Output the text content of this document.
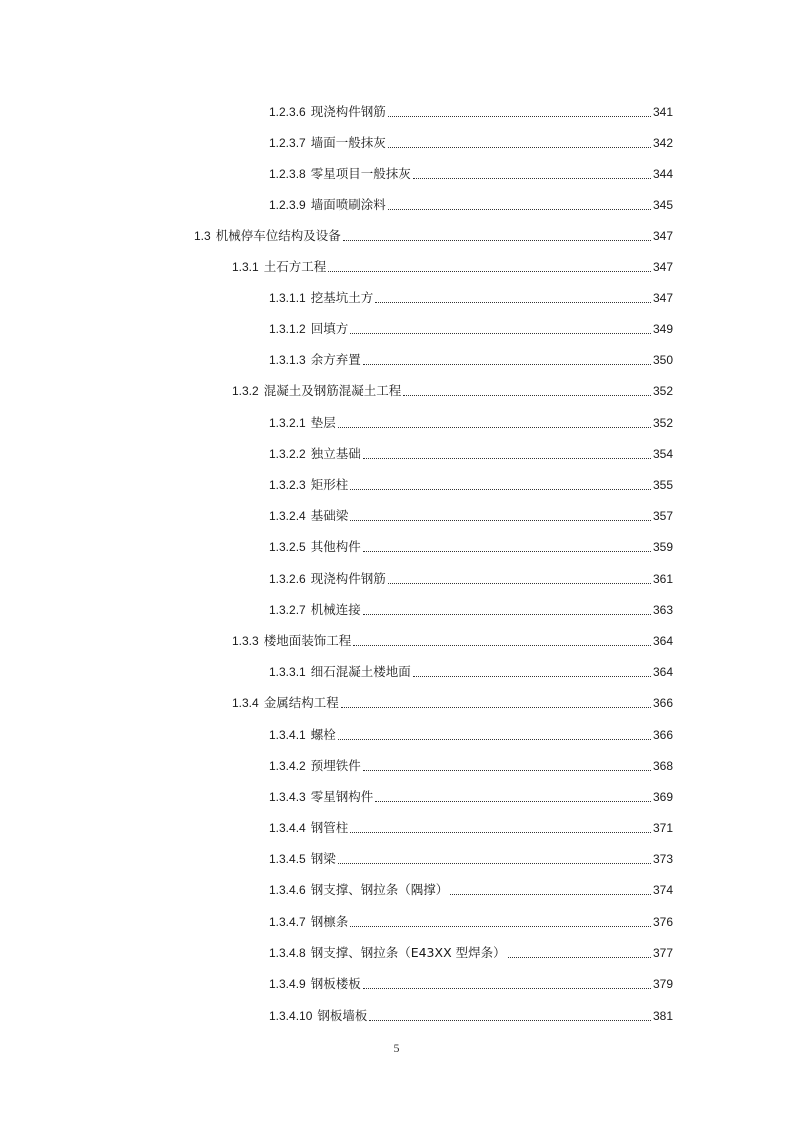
1.2.3.6 现浇构件钢筋	341
1.2.3.7 墙面一般抹灰	342
1.2.3.8 零星项目一般抹灰	344
1.2.3.9 墙面喷刷涂料	345
1.3 机械停车位结构及设备	347
1.3.1 土石方工程	347
1.3.1.1 挖基坑土方	347
1.3.1.2 回填方	349
1.3.1.3 余方弃置	350
1.3.2 混凝土及钢筋混凝土工程	352
1.3.2.1 垫层	352
1.3.2.2 独立基础	354
1.3.2.3 矩形柱	355
1.3.2.4 基础梁	357
1.3.2.5 其他构件	359
1.3.2.6 现浇构件钢筋	361
1.3.2.7 机械连接	363
1.3.3 楼地面装饰工程	364
1.3.3.1 细石混凝土楼地面	364
1.3.4 金属结构工程	366
1.3.4.1 螺栓	366
1.3.4.2 预埋铁件	368
1.3.4.3 零星钢构件	369
1.3.4.4 钢管柱	371
1.3.4.5 钢梁	373
1.3.4.6 钢支撑、钢拉条（隅撑）	374
1.3.4.7 钢檩条	376
1.3.4.8 钢支撑、钢拉条（E43XX 型焊条）	377
1.3.4.9 钢板楼板	379
1.3.4.10 钢板墙板	381
5
